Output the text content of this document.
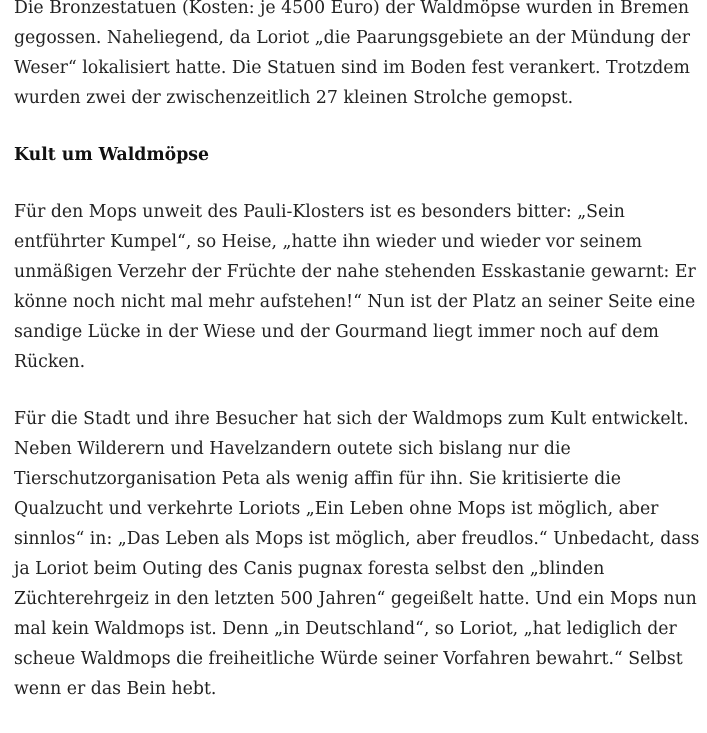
Die Bronzestatuen (Kosten: je 4500 Euro) der Waldmöpse wurden in Bremen gegossen. Naheliegend, da Loriot „die Paarungsgebiete an der Mündung der Weser“ lokalisiert hatte. Die Statuen sind im Boden fest verankert. Trotzdem wurden zwei der zwischenzeitlich 27 kleinen Strolche gemopst.

Kult um Waldmöpse

Für den Mops unweit des Pauli-Klosters ist es besonders bitter: „Sein entführter Kumpel“, so Heise, „hatte ihn wieder und wieder vor seinem unmäßigen Verzehr der Früchte der nahe stehenden Esskastanie gewarnt: Er könne noch nicht mal mehr aufstehen!“ Nun ist der Platz an seiner Seite eine sandige Lücke in der Wiese und der Gourmand liegt immer noch auf dem Rücken.

Für die Stadt und ihre Besucher hat sich der Waldmops zum Kult entwickelt. Neben Wilderern und Havelzandern outete sich bislang nur die Tierschutzorganisation Peta als wenig affin für ihn. Sie kritisierte die Qualzucht und verkehrte Loriots „Ein Leben ohne Mops ist möglich, aber sinnlos“ in: „Das Leben als Mops ist möglich, aber freudlos.“ Unbedacht, dass ja Loriot beim Outing des Canis pugnax foresta selbst den „blinden Züchterehrgeiz in den letzten 500 Jahren“ gegeißelt hatte. Und ein Mops nun mal kein Waldmops ist. Denn „in Deutschland“, so Loriot, „hat lediglich der scheue Waldmops die freiheitliche Würde seiner Vorfahren bewahrt.“ Selbst wenn er das Bein hebt.
